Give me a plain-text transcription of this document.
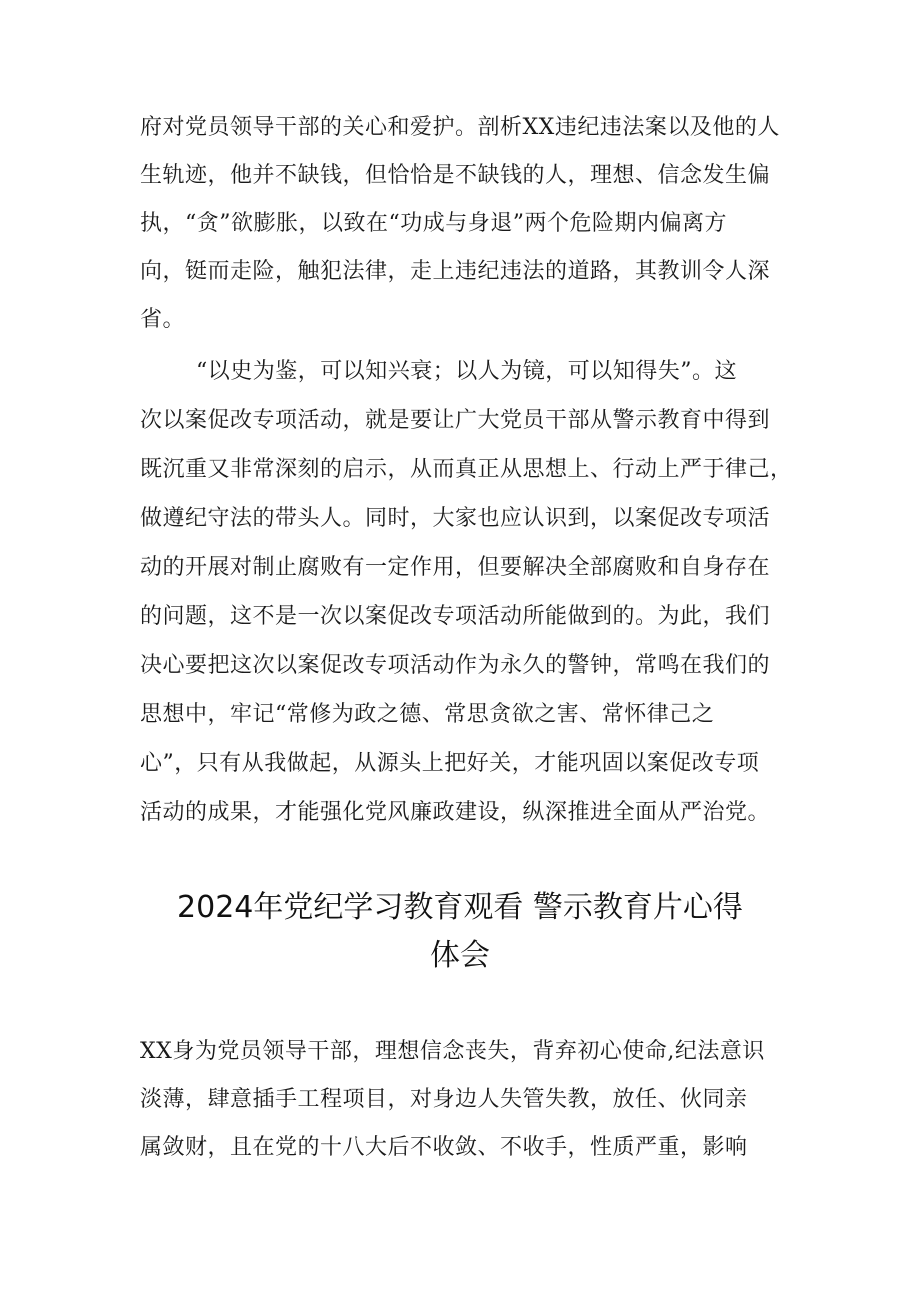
府对党员领导干部的关心和爱护。剖析XX违纪违法案以及他的人
生轨迹，他并不缺钱，但恰恰是不缺钱的人，理想、信念发生偏
执，“贪”欲膨胀，以致在“功成与身退”两个危险期内偏离方
向，铤而走险，触犯法律，走上违纪违法的道路，其教训令人深
省。
“以史为鉴，可以知兴衰；以人为镜，可以知得失”。这
次以案促改专项活动，就是要让广大党员干部从警示教育中得到
既沉重又非常深刻的启示，从而真正从思想上、行动上严于律己，
做遵纪守法的带头人。同时，大家也应认识到，以案促改专项活
动的开展对制止腐败有一定作用，但要解决全部腐败和自身存在
的问题，这不是一次以案促改专项活动所能做到的。为此，我们
决心要把这次以案促改专项活动作为永久的警钟，常鸣在我们的
思想中，牢记“常修为政之德、常思贪欲之害、常怀律己之
心”，只有从我做起，从源头上把好关，才能巩固以案促改专项
活动的成果，才能强化党风廉政建设，纵深推进全面从严治党。
2024年党纪学习教育观看 警示教育片心得
体会
XX身为党员领导干部，理想信念丧失，背弃初心使命,纪法意识
淡薄，肆意插手工程项目，对身边人失管失教，放任、伙同亲
属敛财，且在党的十八大后不收敛、不收手，性质严重，影响
